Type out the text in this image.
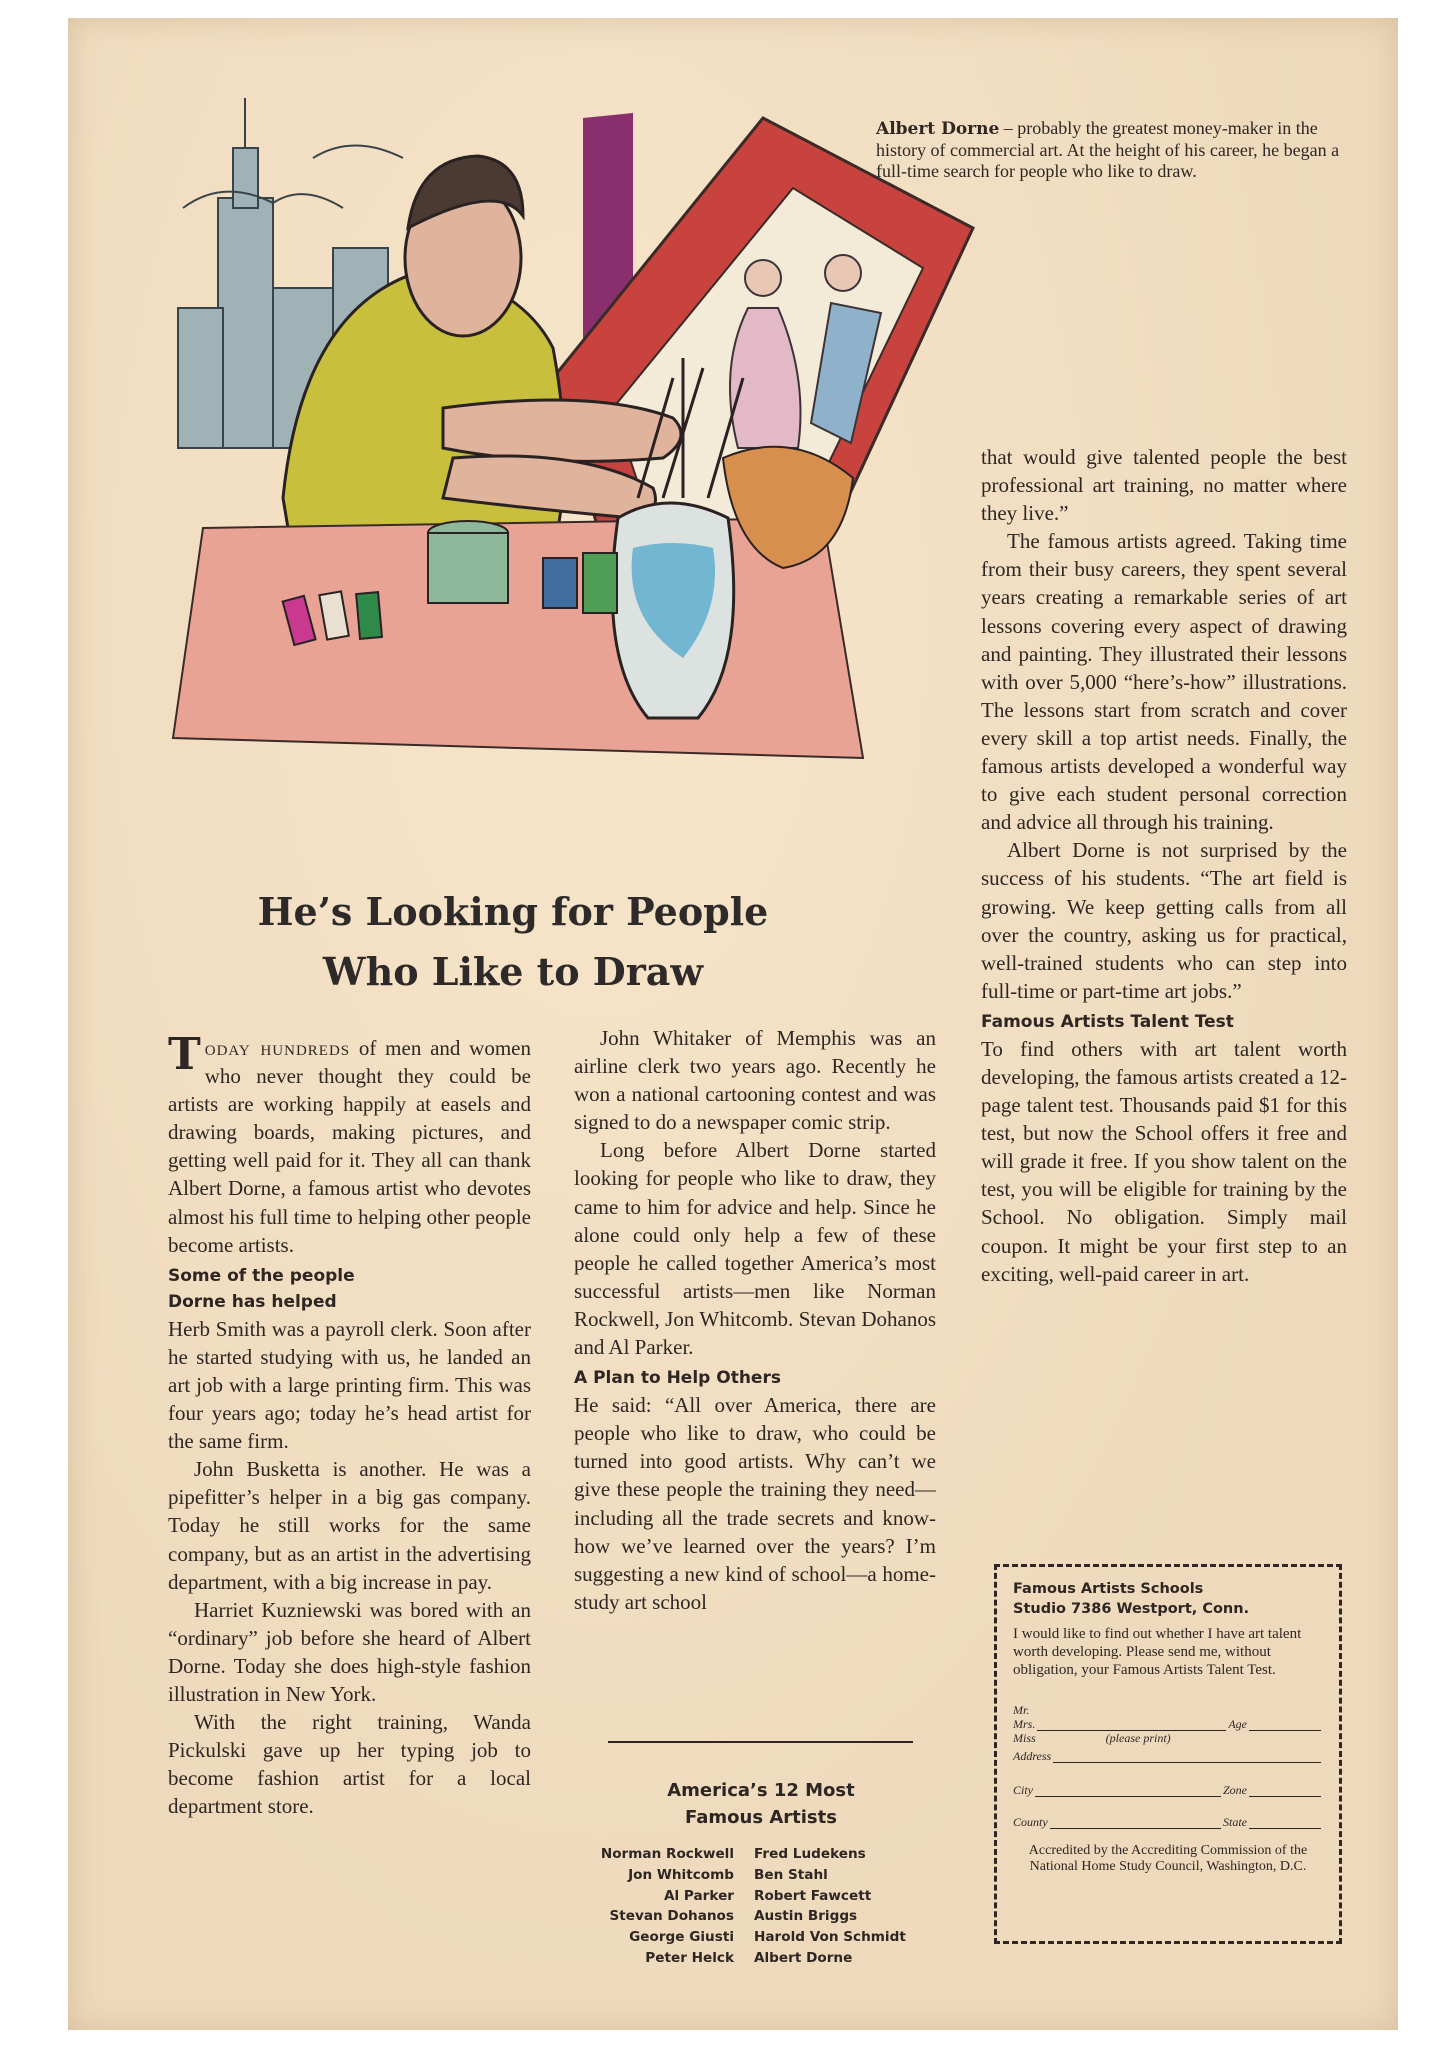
Albert Dorne – probably the greatest money-maker in the history of commercial art. At the height of his career, he began a full-time search for people who like to draw.
He’s Looking for People
Who Like to Draw

Today hundreds of men and women who never thought they could be artists are working happily at easels and drawing boards, making pictures, and getting well paid for it. They all can thank Albert Dorne, a famous artist who devotes almost his full time to helping other people become artists.

Some of the people
Dorne has helped

Herb Smith was a payroll clerk. Soon after he started studying with us, he landed an art job with a large printing firm. This was four years ago; today he’s head artist for the same firm.

John Busketta is another. He was a pipefitter’s helper in a big gas company. Today he still works for the same company, but as an artist in the advertising department, with a big increase in pay.

Harriet Kuzniewski was bored with an “ordinary” job before she heard of Albert Dorne. Today she does high-style fashion illustration in New York.

With the right training, Wanda Pickulski gave up her typing job to become fashion artist for a local department store.

John Whitaker of Memphis was an airline clerk two years ago. Recently he won a national cartooning contest and was signed to do a newspaper comic strip.

Long before Albert Dorne started looking for people who like to draw, they came to him for advice and help. Since he alone could only help a few of these people he called together America’s most successful artists—men like Norman Rockwell, Jon Whitcomb. Stevan Dohanos and Al Parker.

A Plan to Help Others

He said: “All over America, there are people who like to draw, who could be turned into good artists. Why can’t we give these people the training they need—including all the trade secrets and know-how we’ve learned over the years? I’m suggesting a new kind of school—a home-study art school

that would give talented people the best professional art training, no matter where they live.”

The famous artists agreed. Taking time from their busy careers, they spent several years creating a remarkable series of art lessons covering every aspect of drawing and painting. They illustrated their lessons with over 5,000 “here’s-how” illustrations. The lessons start from scratch and cover every skill a top artist needs. Finally, the famous artists developed a wonderful way to give each student personal correction and advice all through his training.

Albert Dorne is not surprised by the success of his students. “The art field is growing. We keep getting calls from all over the country, asking us for practical, well-trained students who can step into full-time or part-time art jobs.”

Famous Artists Talent Test

To find others with art talent worth developing, the famous artists created a 12-page talent test. Thousands paid $1 for this test, but now the School offers it free and will grade it free. If you show talent on the test, you will be eligible for training by the School. No obligation. Simply mail coupon. It might be your first step to an exciting, well-paid career in art.

America’s 12 Most
Famous Artists
Norman Rockwell
Jon Whitcomb
Al Parker
Stevan Dohanos
George Giusti
Peter Helck
Fred Ludekens
Ben Stahl
Robert Fawcett
Austin Briggs
Harold Von Schmidt
Albert Dorne
Famous Artists Schools
Studio 7386 Westport, Conn.
I would like to find out whether I have art talent worth developing. Please send me, without obligation, your Famous Artists Talent Test.
Mr.
Mrs.	Age
Miss	(please print)
Address
City	Zone
County	State
Accredited by the Accrediting Commission of the National Home Study Council, Washington, D.C.
